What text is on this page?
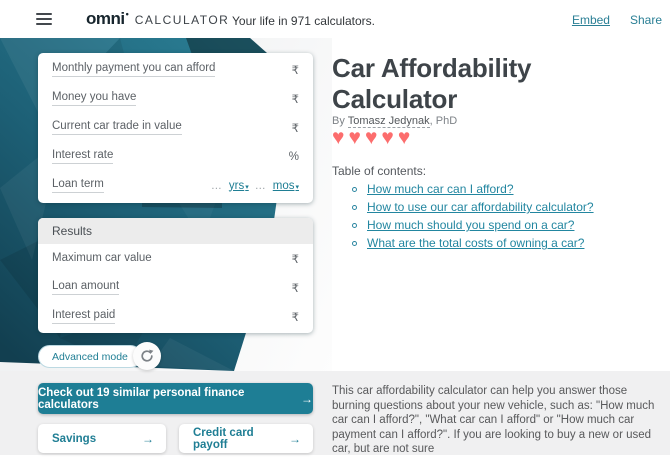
omni • CALCULATOR Your life in 971 calculators.	Embed Share
Monthly payment you can afford	₹
Money you have	₹
Current car trade in value	₹
Interest rate	%
Loan term	… yrs▾ … mos▾
Results
Maximum car value	₹
Loan amount	₹
Interest paid	₹
Advanced mode
Check out 19 similar personal finance calculators	→
Savings	→	Credit card payoff	→
Car Affordability Calculator
By Tomasz Jedynak, PhD
♥♥♥♥♥
Table of contents:
How much car can I afford?
How to use our car affordability calculator?
How much should you spend on a car?
What are the total costs of owning a car?

This car affordability calculator can help you answer those burning questions about your new vehicle, such as: "How much car can I afford?", "What car can I afford" or "How much car payment can I afford?". If you are looking to buy a new or used car, but are not sure
